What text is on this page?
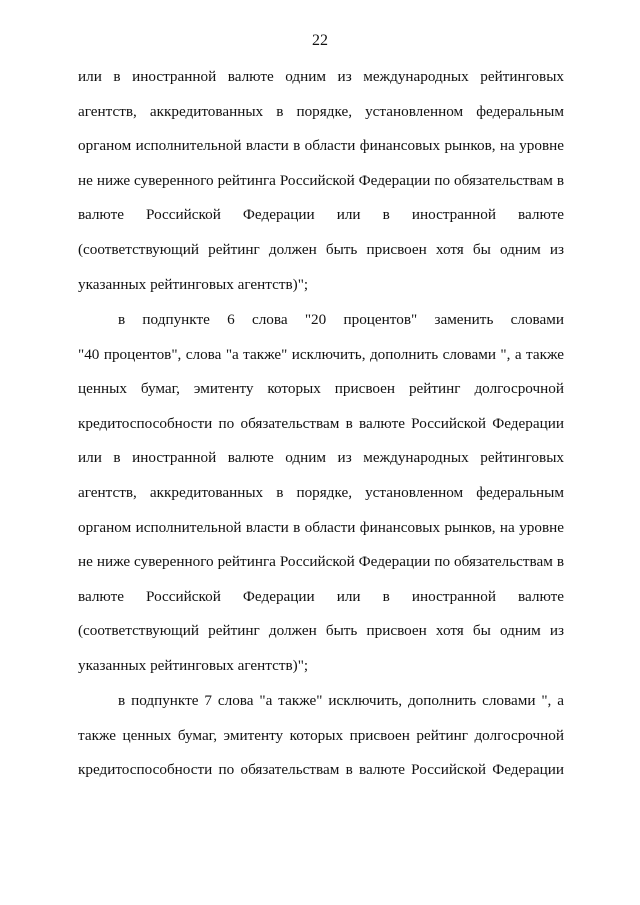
22
или в иностранной валюте одним из международных рейтинговых
агентств, аккредитованных в порядке, установленном федеральным
органом исполнительной власти в области финансовых рынков, на уровне
не ниже суверенного рейтинга Российской Федерации по обязательствам в
валюте Российской Федерации или в иностранной валюте
(соответствующий рейтинг должен быть присвоен хотя бы одним из
указанных рейтинговых агентств)";
в подпункте 6 слова "20 процентов" заменить словами
"40 процентов", слова "а также" исключить, дополнить словами ", а также
ценных бумаг, эмитенту которых присвоен рейтинг долгосрочной
кредитоспособности по обязательствам в валюте Российской Федерации
или в иностранной валюте одним из международных рейтинговых
агентств, аккредитованных в порядке, установленном федеральным
органом исполнительной власти в области финансовых рынков, на уровне
не ниже суверенного рейтинга Российской Федерации по обязательствам в
валюте Российской Федерации или в иностранной валюте
(соответствующий рейтинг должен быть присвоен хотя бы одним из
указанных рейтинговых агентств)";
в подпункте 7 слова "а также" исключить, дополнить словами ", а
также ценных бумаг, эмитенту которых присвоен рейтинг долгосрочной
кредитоспособности по обязательствам в валюте Российской Федерации
